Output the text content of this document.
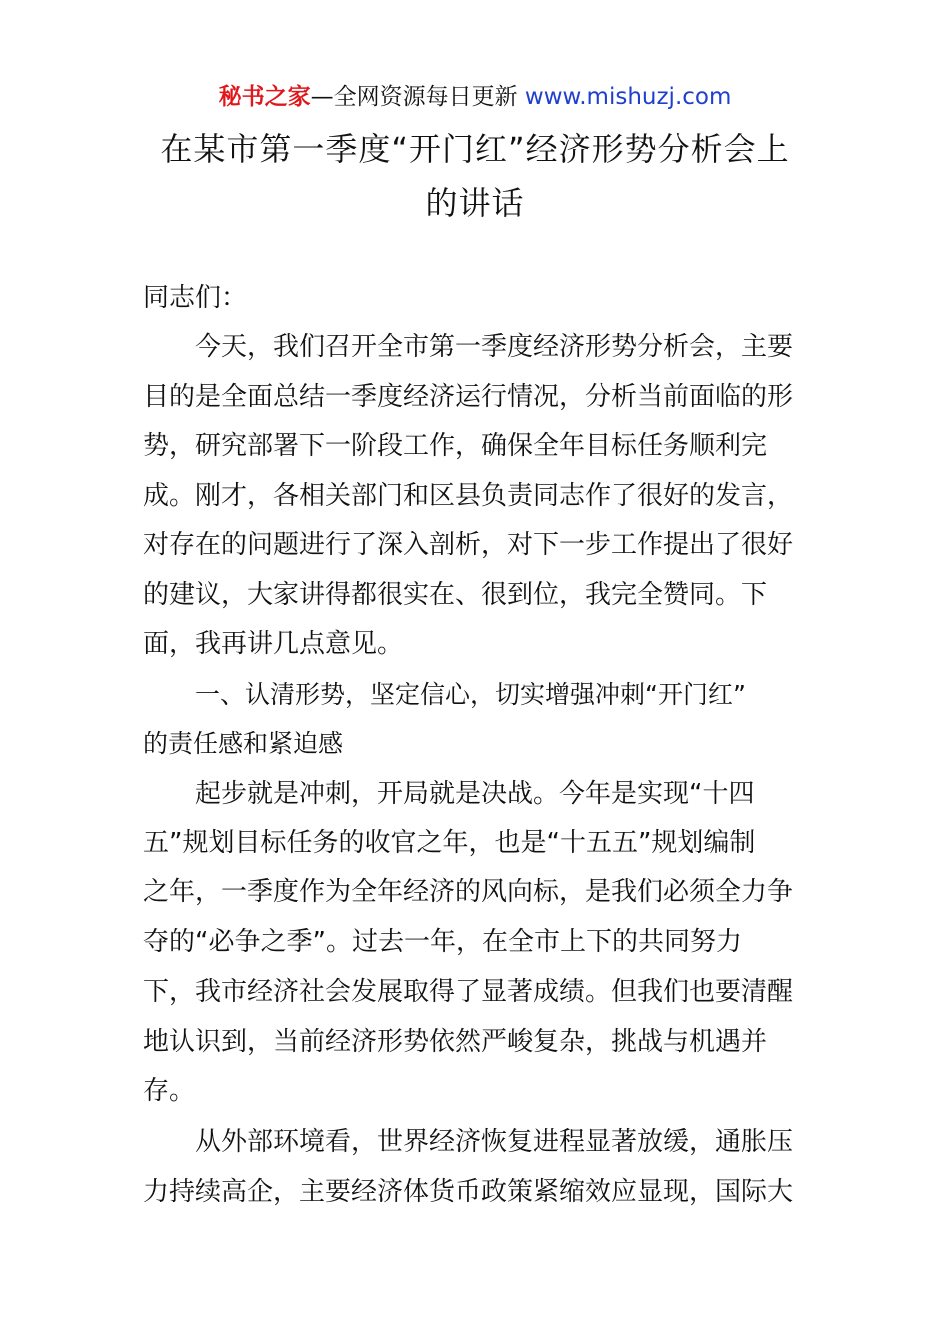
秘书之家—全网资源每日更新 www.mishuzj.com
在某市第一季度“开门红”经济形势分析会上
的讲话
同志们：
今天，我们召开全市第一季度经济形势分析会，主要
目的是全面总结一季度经济运行情况，分析当前面临的形
势，研究部署下一阶段工作，确保全年目标任务顺利完
成。刚才，各相关部门和区县负责同志作了很好的发言，
对存在的问题进行了深入剖析，对下一步工作提出了很好
的建议，大家讲得都很实在、很到位，我完全赞同。下
面，我再讲几点意见。
一、认清形势，坚定信心，切实增强冲刺“开门红”
的责任感和紧迫感
起步就是冲刺，开局就是决战。今年是实现“十四
五”规划目标任务的收官之年，也是“十五五”规划编制
之年，一季度作为全年经济的风向标，是我们必须全力争
夺的“必争之季”。过去一年，在全市上下的共同努力
下，我市经济社会发展取得了显著成绩。但我们也要清醒
地认识到，当前经济形势依然严峻复杂，挑战与机遇并
存。
从外部环境看，世界经济恢复进程显著放缓，通胀压
力持续高企，主要经济体货币政策紧缩效应显现，国际大
